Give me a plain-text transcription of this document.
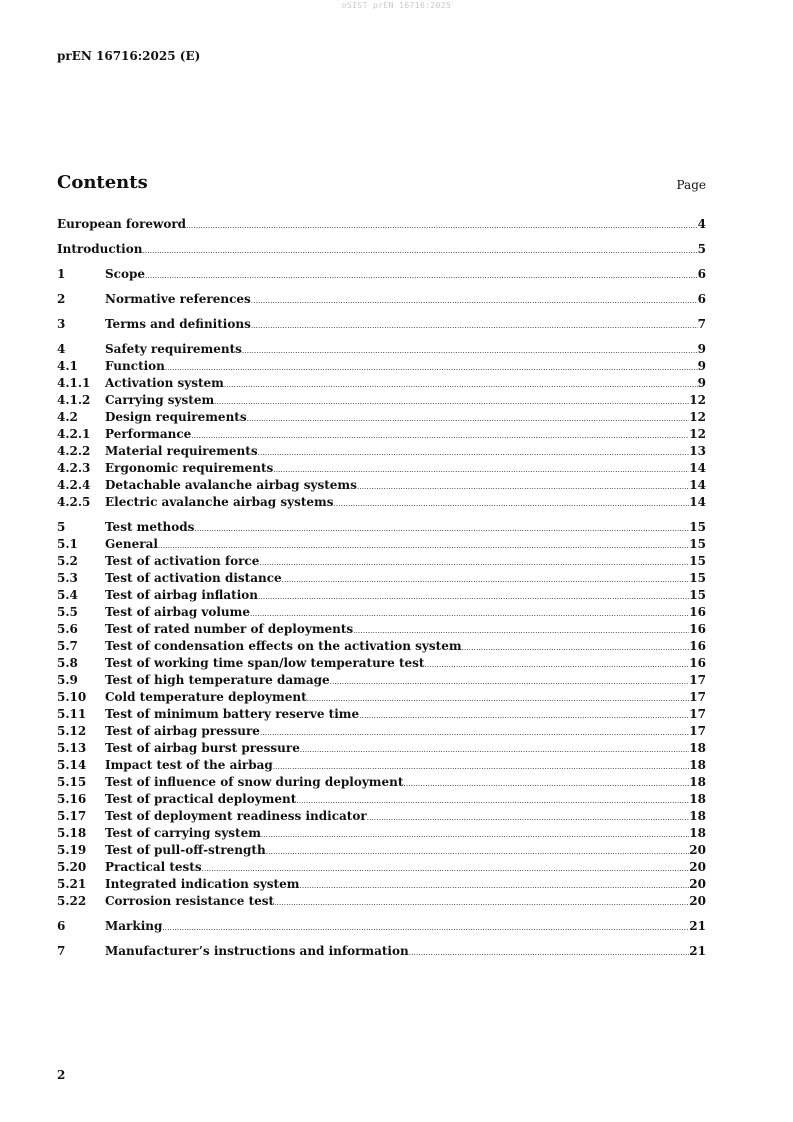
oSIST prEN 16716:2025
prEN 16716:2025 (E)
Contents	Page
European foreword .....	4
Introduction .....	5
1	Scope .....	6
2	Normative references .....	6
3	Terms and definitions .....	7
4	Safety requirements .....	9
4.1	Function .....	9
4.1.1	Activation system .....	9
4.1.2	Carrying system .....	12
4.2	Design requirements .....	12
4.2.1	Performance .....	12
4.2.2	Material requirements .....	13
4.2.3	Ergonomic requirements .....	14
4.2.4	Detachable avalanche airbag systems .....	14
4.2.5	Electric avalanche airbag systems .....	14
5	Test methods .....	15
5.1	General .....	15
5.2	Test of activation force .....	15
5.3	Test of activation distance .....	15
5.4	Test of airbag inflation .....	15
5.5	Test of airbag volume .....	16
5.6	Test of rated number of deployments .....	16
5.7	Test of condensation effects on the activation system .....	16
5.8	Test of working time span/low temperature test .....	16
5.9	Test of high temperature damage .....	17
5.10	Cold temperature deployment .....	17
5.11	Test of minimum battery reserve time .....	17
5.12	Test of airbag pressure .....	17
5.13	Test of airbag burst pressure .....	18
5.14	Impact test of the airbag .....	18
5.15	Test of influence of snow during deployment .....	18
5.16	Test of practical deployment .....	18
5.17	Test of deployment readiness indicator .....	18
5.18	Test of carrying system .....	18
5.19	Test of pull-off-strength .....	20
5.20	Practical tests .....	20
5.21	Integrated indication system .....	20
5.22	Corrosion resistance test .....	20
6	Marking .....	21
7	Manufacturer’s instructions and information .....	21
2
